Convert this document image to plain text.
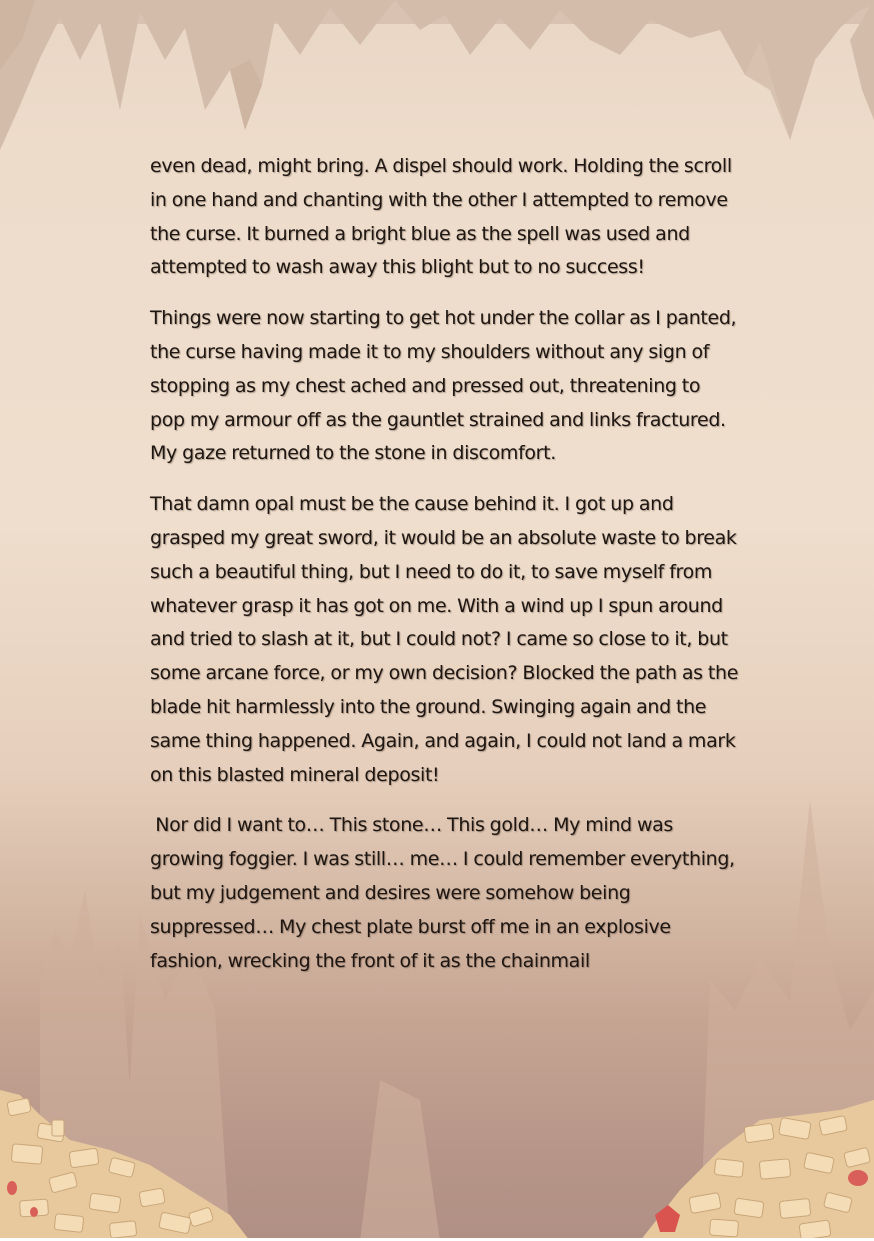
even dead, might bring. A dispel should work. Holding the scroll in one hand and chanting with the other I attempted to remove the curse. It burned a bright blue as the spell was used and attempted to wash away this blight but to no success!

Things were now starting to get hot under the collar as I panted, the curse having made it to my shoulders without any sign of stopping as my chest ached and pressed out, threatening to pop my armour off as the gauntlet strained and links fractured. My gaze returned to the stone in discomfort.

That damn opal must be the cause behind it. I got up and grasped my great sword, it would be an absolute waste to break such a beautiful thing, but I need to do it, to save myself from whatever grasp it has got on me. With a wind up I spun around and tried to slash at it, but I could not? I came so close to it, but some arcane force, or my own decision? Blocked the path as the blade hit harmlessly into the ground. Swinging again and the same thing happened. Again, and again, I could not land a mark on this blasted mineral deposit!

Nor did I want to… This stone… This gold… My mind was growing foggier. I was still… me… I could remember everything, but my judgement and desires were somehow being suppressed… My chest plate burst off me in an explosive fashion, wrecking the front of it as the chainmail
